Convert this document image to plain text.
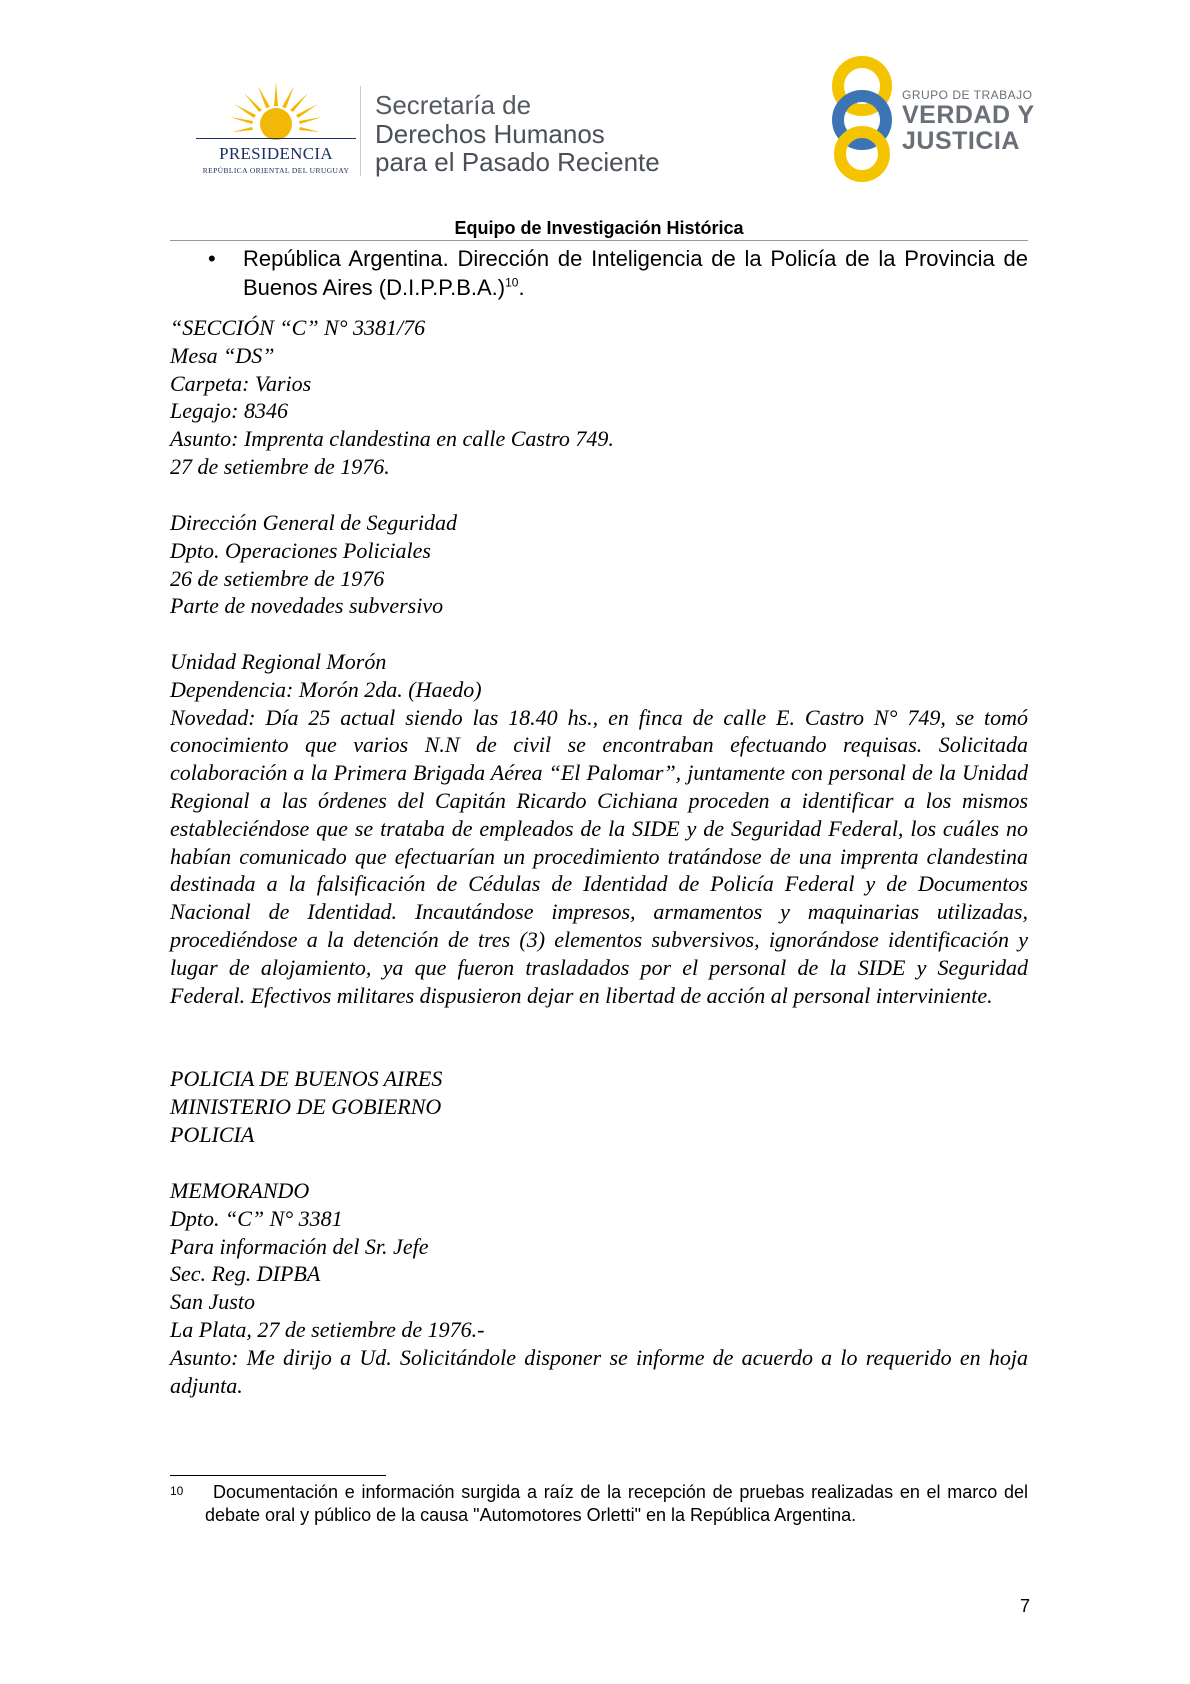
PRESIDENCIA
REPÚBLICA ORIENTAL DEL URUGUAY
Secretaría de
Derechos Humanos
para el Pasado Reciente
GRUPO DE TRABAJO
VERDAD Y
JUSTICIA
Equipo de Investigación Histórica
• República Argentina. Dirección de Inteligencia de la Policía de la Provincia de Buenos Aires $(D.I.P.P.B.A.)^{10}$.
“SECCIÓN “C” N° 3381/76
Mesa “DS”
Carpeta: Varios
Legajo: 8346
Asunto: Imprenta clandestina en calle Castro 749.
27 de setiembre de 1976.
Dirección General de Seguridad
Dpto. Operaciones Policiales
26 de setiembre de 1976
Parte de novedades subversivo
Unidad Regional Morón
Dependencia: Morón 2da. (Haedo)
Novedad: Día 25 actual siendo las 18.40 hs., en finca de calle E. Castro N° 749, se tomó conocimiento que varios N.N de civil se encontraban efectuando requisas. Solicitada colaboración a la Primera Brigada Aérea “El Palomar”, juntamente con personal de la Unidad Regional a las órdenes del Capitán Ricardo Cichiana proceden a identificar a los mismos estableciéndose que se trataba de empleados de la SIDE y de Seguridad Federal, los cuáles no habían comunicado que efectuarían un procedimiento tratándose de una imprenta clandestina destinada a la falsificación de Cédulas de Identidad de Policía Federal y de Documentos Nacional de Identidad. Incautándose impresos, armamentos y maquinarias utilizadas, procediéndose a la detención de tres (3) elementos subversivos, ignorándose identificación y lugar de alojamiento, ya que fueron trasladados por el personal de la SIDE y Seguridad Federal. Efectivos militares dispusieron dejar en libertad de acción al personal interviniente.
POLICIA DE BUENOS AIRES
MINISTERIO DE GOBIERNO
POLICIA
MEMORANDO
Dpto. “C” N° 3381
Para información del Sr. Jefe
Sec. Reg. DIPBA
San Justo
La Plata, 27 de setiembre de 1976.-
Asunto: Me dirijo a Ud. Solicitándole disponer se informe de acuerdo a lo requerido en hoja adjunta.
10	Documentación e información surgida a raíz de la recepción de pruebas realizadas en el marco del debate oral y público de la causa "Automotores Orletti" en la República Argentina.
7
